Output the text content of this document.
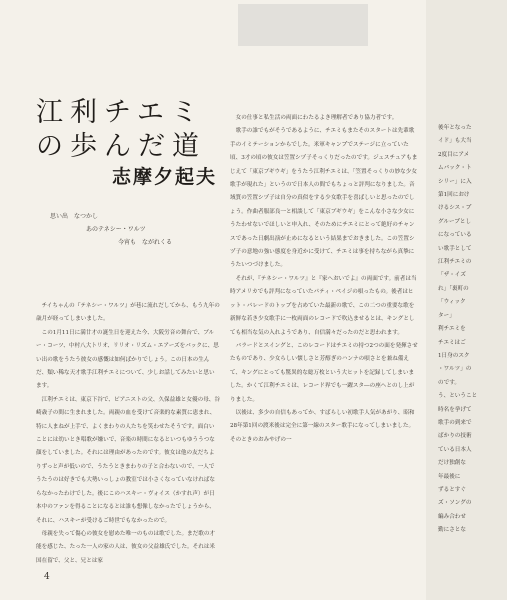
江利チエミ
の歩んだ道
志摩夕起夫
思い出　なつかし
あのテネシー・ワルツ
今宵も　ながれくる

チイちゃんの『テネシー・ワルツ』が巷に流れだしてから、もう九年の歳月が経ってしまいました。

この1月11日に満廿才の誕生日を迎えた今、大阪労音の舞台で、ブルー・コーツ、中村八大トリオ、リリオ・リズム・エアーズをバックに、思い出の歌をうたう彼女の感慨は如何ばかりでしょう。この日本の生んだ、類い稀な天才歌手江利チエミについて、少しお話してみたいと思います。

江利チエミは、東京下谷で、ピアニストの父、久保益雄と女優の母、谷崎歳子の間に生まれました。両親の血を受けて音楽的な素質に恵まれ、特に人まねが上手で、よくまわりの人たちを笑わせたそうです。面白いことには幼いとき唱歌が嫌いで、音楽の時間になるといつもゆううつな顔をしていました。それには理由があったのです。彼女は他の友だちよりずっと声が低いので、うたうときまわりの子と合わないので、一人でうたうのは好きでも大勢いっしょの教室では小さくなっていなければならなかったわけでした。後にこのハスキー・ヴォイス（かすれ声）が日本中のファンを得ることになるとは誰も想像しなかったでしょうから、それに、ハスキーが受けるご時世でもなかったので。

母親を失って傷心の彼女を慰めた唯一のものは歌でした。まだ歌の才能を感じた、たった一人の家の人は、彼女の父益雄氏でした。それは米国在留で、父と、兄とは家

女の仕事と私生活の両面にわたるよき理解者であり協力者です。

歌手の誰でもがそうであるように、チエミもまたそのスタートは先輩歌手のイミテーションからでした。米軍キャンプでステージに立っていた頃、3才の頃の彼女は笠置シヅ子そっくりだったのです。ジェスチュアもまじえて「東京ブギウギ」をうたう江利チエミは、「笠置そっくりの妙な少女歌手が現れた」というので日本人の間でもちょっと評判になりました。音域質の笠置シヅ子は自分の真似をする少女歌手を喜ばしいと思ったのでしょう。作曲者服部良一と相談して「東京ブギウギ」をこんな小さな少女にうたわせないでほしいと申入れ、そのためにチエミにとって絶好のチャンスであった日劇出演が止めになるという結果までおきました。この笠置シヅ子の意地の強い態度を身近かに受けて、チエミは事を持ちながら真摯にうたいつづけました。

それが、『テネシー・ワルツ』と『家へおいでよ』の両面です。前者は当時アメリカでも評判になっていたパティ・ペイジの唄ったもの。後者はヒット・パレードのトップを占めていた最新の歌で、この二つの重要な歌を新鮮な若き少女歌手に一枚両面のレコードで吹込ませるとは、キングとしても相当な気の入れようであり、自信満々だったのだと思われます。

バラードとスイングと、このレコードはチエミの持つ2つの面を発揮させたものであり、少女らしい懐しさと芳醇ぎのハンナの唄さとを兼ね備えて、キングにとっても驚異的な総万枚という大ヒットを記録してしまいました。かくて江利チエミは、レコード界でも一躍スタ―の座へとのし上がりました。

以後は、多少の自信もあってか、すばらしい初歌手人気があがり、昭和28年第1回の渡米後は完全に第一線のスター歌手になってしまいました。そのときのおみやげの一

4
後年となった
イド」も大当
2度目にアメ
ムバック・ト
シリー」に入
第1回におけ
けるシス・プ
グループとし
になっている
い歌手として
江利チエミの
「ザ・イズ
れ」「裏町の
「ウィック
ター」
利チエミを
チエミはご
1日身のスク
・ワルツ」の
のです。
う、ということ
時名を挙げて
歌手の到来で
ばかりの技術
ている日本人
だけ独創な
年最後に
ずるとすぐ
ズ・ソングの
編み合わせ
勤にさとな
